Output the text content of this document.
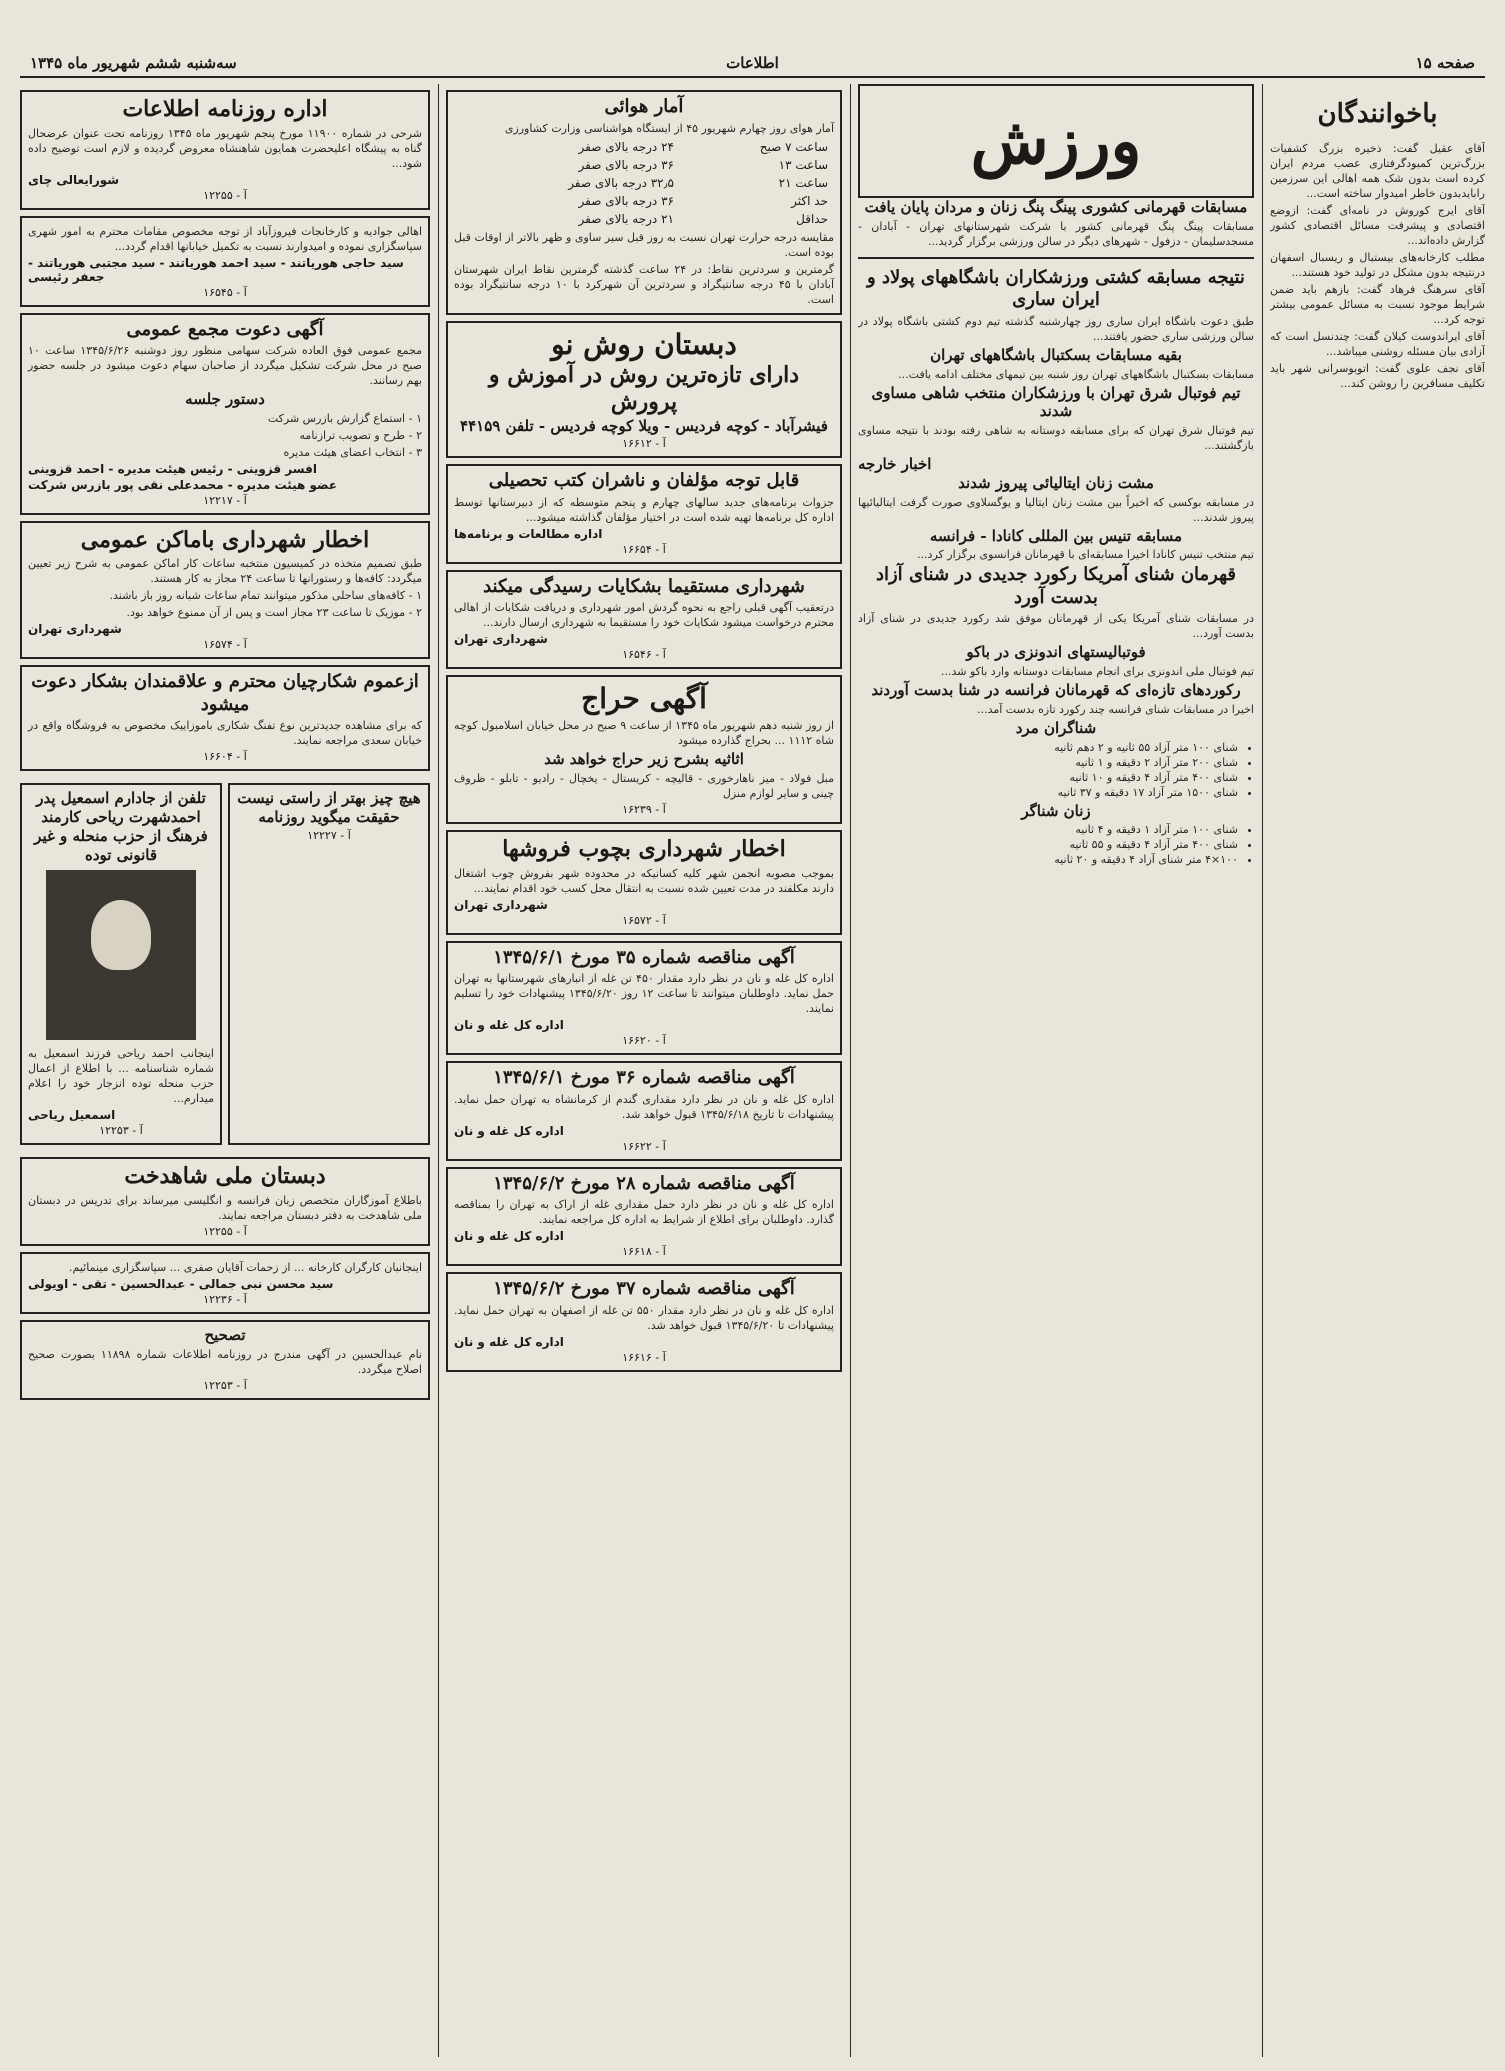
صفحه ۱۵
اطلاعات
سه‌شنبه ششم شهریور ماه ۱۳۴۵
باخوانندگان

آقای عقیل گفت: ذخیره بزرگ کشفیات بزرگ‌ترین کمبودگرفتاری عصب مردم ایران کرده است بدون شک همه اهالی این سرزمین رابایدبدون خاطر امیدوار ساخته است...

آقای ایرج کوروش در نامه‌ای گفت: ازوضع اقتصادی و پیشرفت مسائل اقتصادی کشور گزارش داده‌اند...

مطلب کارخانه‌های بیستبال و ریسبال اسفهان درنتیجه بدون مشکل در تولید خود هستند...

آقای سرهنگ فرهاد گفت: بازهم باید ضمن شرایط موجود نسبت به مسائل عمومی بیشتر توجه کرد...

آقای ایراندوست کیلان گفت: چندنسل است که آزادی بیان مسئله روشنی میباشد...

آقای نجف علوی گفت: اتوبوسرانی شهر باید تکلیف مسافرین را روشن کند...

ورزش
مسابقات قهرمانی کشوری پینگ پنگ زنان و مردان پایان یافت

مسابقات پینگ پنگ قهرمانی کشور با شرکت شهرستانهای تهران - آبادان - مسجدسلیمان - دزفول - شهرهای دیگر در سالن ورزشی برگزار گردید...

نتیجه مسابقه کشتی ورزشکاران باشگاههای پولاد و ایران ساری

طبق دعوت باشگاه ایران ساری روز چهارشنبه گذشته تیم دوم کشتی باشگاه پولاد در سالن ورزشی ساری حضور یافتند...

بقیه مسابقات بسکتبال باشگاههای تهران

مسابقات بسکتبال باشگاههای تهران روز شنبه بین تیمهای مختلف ادامه یافت...

تیم فوتبال شرق تهران با ورزشکاران منتخب شاهی مساوی شدند

تیم فوتبال شرق تهران که برای مسابقه دوستانه به شاهی رفته بودند با نتیجه مساوی بازگشتند...

اخبار خارجه
مشت زنان ایتالیائی پیروز شدند

در مسابقه بوکسی که اخیراً بین مشت زنان ایتالیا و یوگسلاوی صورت گرفت ایتالیائیها پیروز شدند...

مسابقه تنیس بین المللی کانادا - فرانسه

تیم منتخب تنیس کانادا اخیرا مسابقه‌ای با قهرمانان فرانسوی برگزار کرد...

قهرمان شنای آمریکا رکورد جدیدی در شنای آزاد بدست آورد

در مسابقات شنای آمریکا یکی از قهرمانان موفق شد رکورد جدیدی در شنای آزاد بدست آورد...

فوتبالیستهای اندونزی در باکو

تیم فوتبال ملی اندونزی برای انجام مسابقات دوستانه وارد باکو شد...

رکوردهای تازه‌ای که قهرمانان فرانسه در شنا بدست آوردند

اخیرا در مسابقات شنای فرانسه چند رکورد تازه بدست آمد...

شناگران مرد
• شنای ۱۰۰ متر آزاد ۵۵ ثانیه و ۲ دهم ثانیه
• شنای ۲۰۰ متر آزاد ۲ دقیقه و ۱ ثانیه
• شنای ۴۰۰ متر آزاد ۴ دقیقه و ۱۰ ثانیه
• شنای ۱۵۰۰ متر آزاد ۱۷ دقیقه و ۳۷ ثانیه
زنان شناگر
• شنای ۱۰۰ متر آزاد ۱ دقیقه و ۴ ثانیه
• شنای ۴۰۰ متر آزاد ۴ دقیقه و ۵۵ ثانیه
• ۱۰۰×۴ متر شنای آزاد ۴ دقیقه و ۲۰ ثانیه
آمار هوائی

آمار هوای روز چهارم شهریور ۴۵ از ایستگاه هواشناسی وزارت کشاورزی

ساعت ۷ صبح	۲۴ درجه بالای صفر
ساعت ۱۳	۳۶ درجه بالای صفر
ساعت ۲۱	۳۲٫۵ درجه بالای صفر
حد اکثر	۳۶ درجه بالای صفر
حداقل	۲۱ درجه بالای صفر

مقایسه درجه حرارت تهران نسبت به روز قبل سیر ساوی و ظهر بالاتر از اوقات قبل بوده است.

گرمترین و سردترین نقاط: در ۲۴ ساعت گذشته گرمترین نقاط ایران شهرستان آبادان با ۴۵ درجه سانتیگراد و سردترین آن شهرکرد با ۱۰ درجه سانتیگراد بوده است.

دبستان روش نو
دارای تازه‌ترین روش در آموزش و پرورش
فیشرآباد - کوچه فردیس - ویلا کوچه فردیس - تلفن ۴۴۱۵۹
آ - ۱۶۶۱۲
قابل توجه مؤلفان و ناشران کتب تحصیلی

جزوات برنامه‌های جدید سالهای چهارم و پنجم متوسطه که از دبیرستانها توسط اداره کل برنامه‌ها تهیه شده است در اختیار مؤلفان گذاشته میشود...

اداره مطالعات و برنامه‌ها
آ - ۱۶۶۵۴
شهرداری مستقیما بشکایات رسیدگی میکند

درتعقیب آگهی قبلی راجع به نحوه گردش امور شهرداری و دریافت شکایات از اهالی محترم درخواست میشود شکایات خود را مستقیما به شهرداری ارسال دارند...

شهرداری تهران
آ - ۱۶۵۴۶
آگهی حراج

از روز شنبه دهم شهریور ماه ۱۳۴۵ از ساعت ۹ صبح در محل خیابان اسلامبول کوچه شاه ۱۱۱۲ ... بحراج گذارده میشود

اثاثیه بشرح زیر حراج خواهد شد

مبل فولاد - میز ناهارخوری - قالیچه - کریستال - یخچال - رادیو - تابلو - ظروف چینی و سایر لوازم منزل

آ - ۱۶۲۳۹
اخطار شهرداری بچوب فروشها

بموجب مصوبه انجمن شهر کلیه کسانیکه در محدوده شهر بفروش چوب اشتغال دارند مکلفند در مدت تعیین شده نسبت به انتقال محل کسب خود اقدام نمایند...

شهرداری تهران
آ - ۱۶۵۷۲
آگهی مناقصه شماره ۳۵ مورخ ۱۳۴۵/۶/۱

اداره کل غله و نان در نظر دارد مقدار ۴۵۰ تن غله از انبارهای شهرستانها به تهران حمل نماید. داوطلبان میتوانند تا ساعت ۱۲ روز ۱۳۴۵/۶/۲۰ پیشنهادات خود را تسلیم نمایند.

اداره کل غله و نان
آ - ۱۶۶۲۰
آگهی مناقصه شماره ۳۶ مورخ ۱۳۴۵/۶/۱

اداره کل غله و نان در نظر دارد مقداری گندم از کرمانشاه به تهران حمل نماید. پیشنهادات تا تاریخ ۱۳۴۵/۶/۱۸ قبول خواهد شد.

اداره کل غله و نان
آ - ۱۶۶۲۲
آگهی مناقصه شماره ۲۸ مورخ ۱۳۴۵/۶/۲

اداره کل غله و نان در نظر دارد حمل مقداری غله از اراک به تهران را بمناقصه گذارد. داوطلبان برای اطلاع از شرایط به اداره کل مراجعه نمایند.

اداره کل غله و نان
آ - ۱۶۶۱۸
آگهی مناقصه شماره ۳۷ مورخ ۱۳۴۵/۶/۲

اداره کل غله و نان در نظر دارد مقدار ۵۵۰ تن غله از اصفهان به تهران حمل نماید. پیشنهادات تا ۱۳۴۵/۶/۲۰ قبول خواهد شد.

اداره کل غله و نان
آ - ۱۶۶۱۶
اداره روزنامه اطلاعات

شرحی در شماره ۱۱۹۰۰ مورخ پنجم شهریور ماه ۱۳۴۵ روزنامه تحت عنوان عرضحال گناه به پیشگاه اعلیحضرت همایون شاهنشاه معروض گردیده و لازم است توضیح داده شود...

شورایعالی چای
آ - ۱۲۲۵۵

اهالی جوادیه و کارخانجات فیروزآباد از توجه مخصوص مقامات محترم به امور شهری سپاسگزاری نموده و امیدوارند نسبت به تکمیل خیابانها اقدام گردد...

سید حاجی هوریاتند - سید احمد هوریاتند - سید مجتبی هوریاتند - جعفر رئیسی
آ - ۱۶۵۴۵
آگهی دعوت مجمع عمومی

مجمع عمومی فوق العاده شرکت سهامی منظور روز دوشنبه ۱۳۴۵/۶/۲۶ ساعت ۱۰ صبح در محل شرکت تشکیل میگردد از صاحبان سهام دعوت میشود در جلسه حضور بهم رسانند.

دستور جلسه

۱ - استماع گزارش بازرس شرکت

۲ - طرح و تصویب ترازنامه

۳ - انتخاب اعضای هیئت مدیره

افسر قزوینی - رئیس هیئت مدیره - احمد قزوینی
عضو هیئت مدیره - محمدعلی نقی پور بازرس شرکت
آ - ۱۲۲۱۷
اخطار شهرداری باماکن عمومی

طبق تصمیم متخذه در کمیسیون منتخبه ساعات کار اماکن عمومی به شرح زیر تعیین میگردد: کافه‌ها و رستورانها تا ساعت ۲۴ مجاز به کار هستند.

۱ - کافه‌های ساحلی مذکور میتوانند تمام ساعات شبانه روز باز باشند.

۲ - موزیک تا ساعت ۲۳ مجاز است و پس از آن ممنوع خواهد بود.

شهرداری تهران
آ - ۱۶۵۷۴
ازعموم شکارچیان محترم و علاقمندان بشکار دعوت میشود

که برای مشاهده جدیدترین نوع تفنگ شکاری باموزاییک مخصوص به فروشگاه واقع در خیابان سعدی مراجعه نمایند.

آ - ۱۶۶۰۴
هیچ چیز بهتر از راستی نیست حقیقت میگوید روزنامه
آ - ۱۲۲۲۷
تلفن از جادارم اسمعیل پدر احمدشهرت ریاحی کارمند فرهنگ از حزب منحله و غیر قانونی توده

اینجانب احمد ریاحی فرزند اسمعیل به شماره شناسنامه ... با اطلاع از اعمال حزب منحله توده انزجار خود را اعلام میدارم...

اسمعیل ریاحی
آ - ۱۲۲۵۳
دبستان ملی شاهدخت

باطلاع آموزگاران متخصص زبان فرانسه و انگلیسی میرساند برای تدریس در دبستان ملی شاهدخت به دفتر دبستان مراجعه نمایند.

آ - ۱۲۲۵۵

اینجانبان کارگران کارخانه ... از زحمات آقایان صفری ... سپاسگزاری مینمائیم.

سید محسن نبی جمالی - عبدالحسین - تقی - اویولی
آ - ۱۲۲۳۶
تصحیح

نام عبدالحسین در آگهی مندرج در روزنامه اطلاعات شماره ۱۱۸۹۸ بصورت صحیح اصلاح میگردد.

آ - ۱۲۲۵۳
